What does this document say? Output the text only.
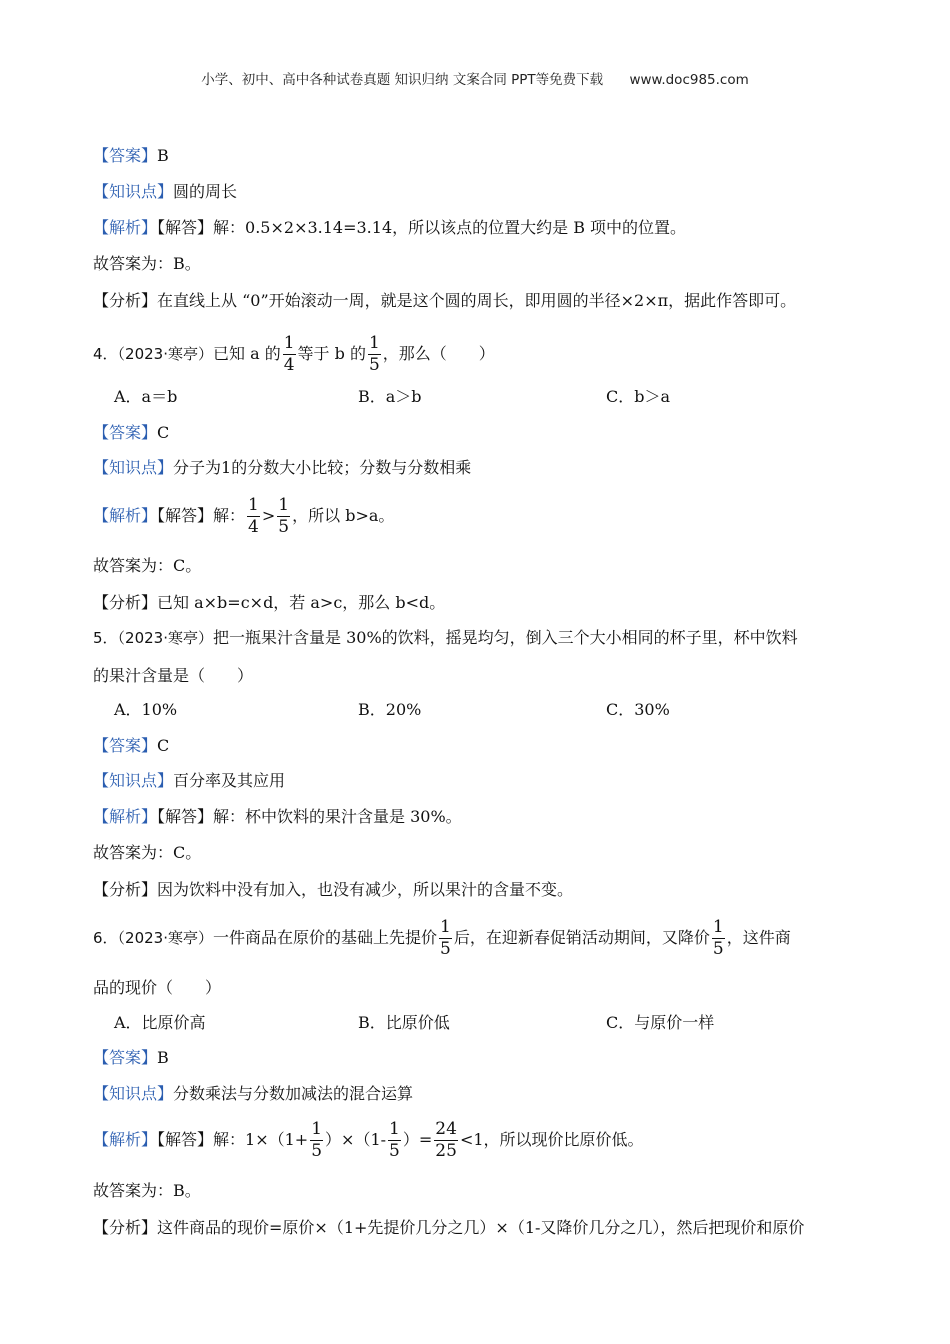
小学、初中、高中各种试卷真题 知识归纳 文案合同 PPT等免费下载 www.doc985.com
【答案】B
【知识点】圆的周长
【解析】【解答】解：0.5×2×3.14=3.14，所以该点的位置大约是 B 项中的位置。
故答案为：B。
【分析】在直线上从 “0”开始滚动一周，就是这个圆的周长，即用圆的半径×2×π，据此作答即可。
4．（2023·寒亭）已知 a 的 $\frac{1}{4}$ 等于 b 的 $\frac{1}{5}$ ，那么（　　）
A．a＝b	B．a＞b	C．b＞a
【答案】C
【知识点】分子为1的分数大小比较；分数与分数相乘
【解析】【解答】解： $\frac{1}{4} > \frac{1}{5}$ ，所以 b>a。
故答案为：C。
【分析】已知 a×b=c×d，若 a>c，那么 b<d。
5．（2023·寒亭）把一瓶果汁含量是 30%的饮料，摇晃均匀，倒入三个大小相同的杯子里，杯中饮料
的果汁含量是（　　）
A．10%	B．20%	C．30%
【答案】C
【知识点】百分率及其应用
【解析】【解答】解：杯中饮料的果汁含量是 30%。
故答案为：C。
【分析】因为饮料中没有加入，也没有减少，所以果汁的含量不变。
6．（2023·寒亭）一件商品在原价的基础上先提价 $\frac{1}{5}$ 后，在迎新春促销活动期间，又降价 $\frac{1}{5}$ ，这件商
品的现价（　　）
A．比原价高	B．比原价低	C．与原价一样
【答案】B
【知识点】分数乘法与分数加减法的混合运算
【解析】【解答】解：$1\times(1+ \frac{1}{5} )\times(1- \frac{1}{5}$ ）= $\frac{24}{25} <1$，所以现价比原价低。
故答案为：B。
【分析】这件商品的现价=原价×（1+先提价几分之几）×（1-又降价几分之几），然后把现价和原价
